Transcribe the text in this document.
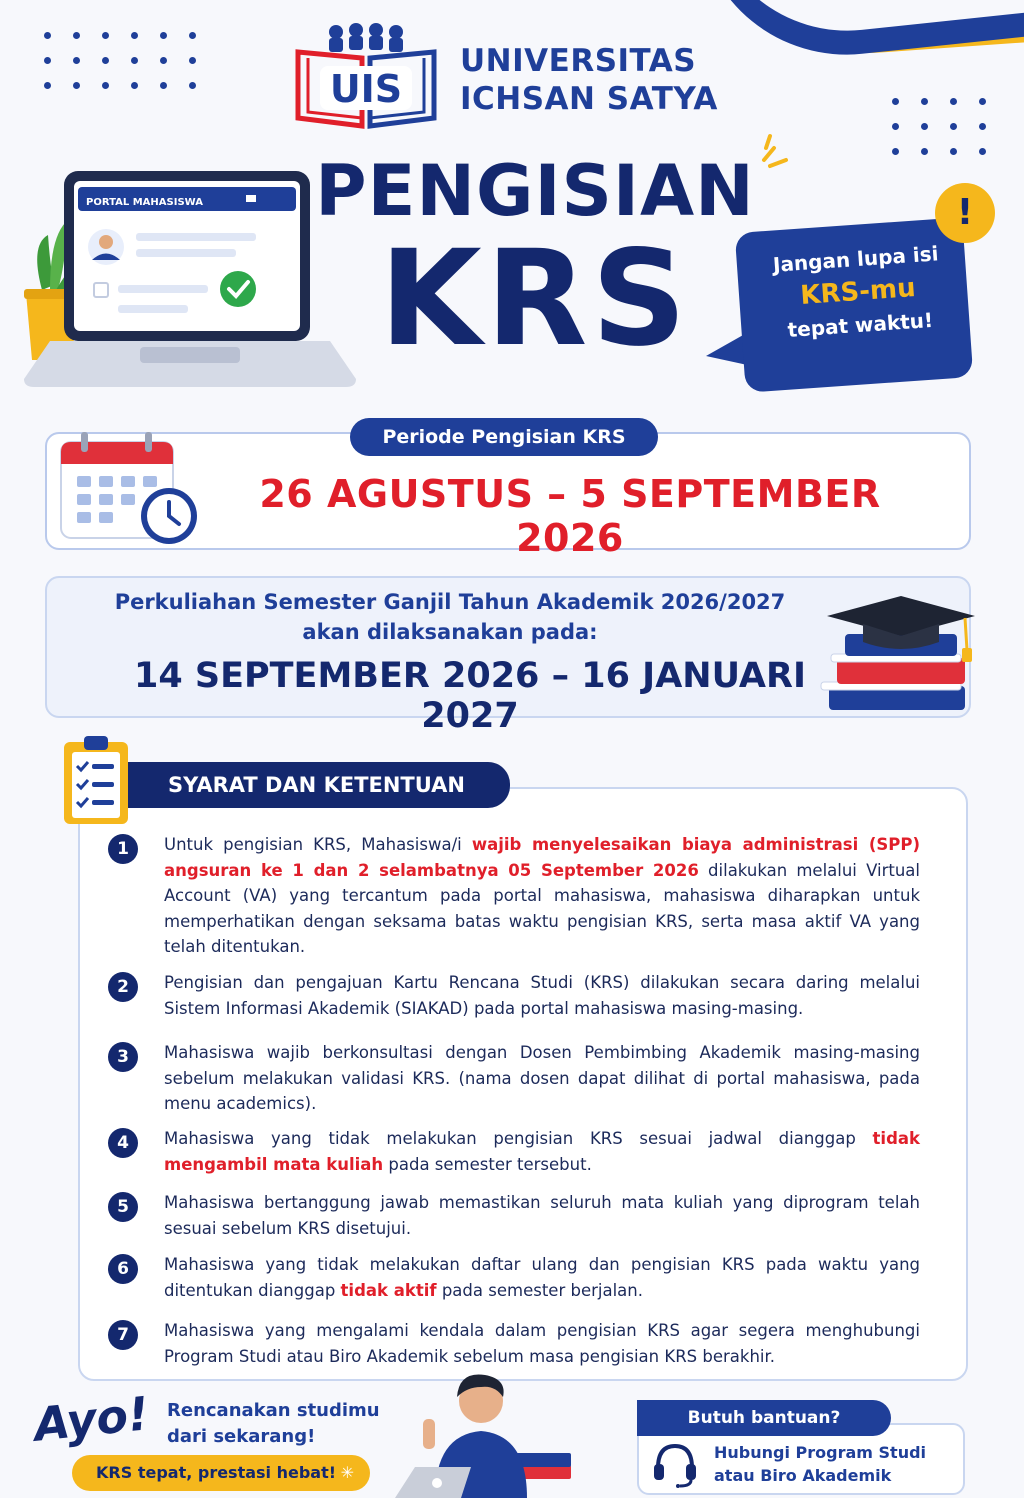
UIS
UNIVERSITAS
ICHSAN SATYA
PORTAL MAHASISWA PENGISIAN
KRS	Jangan lupa isi
KRS-mu
tepat waktu!
!
Periode Pengisian KRS
26 AGUSTUS – 5 SEPTEMBER 2026
Perkuliahan Semester Ganjil Tahun Akademik 2026/2027
akan dilaksanakan pada:
14 SEPTEMBER 2026 – 16 JANUARI 2027
SYARAT DAN KETENTUAN
1	Untuk pengisian KRS, Mahasiswa/i wajib menyelesaikan biaya administrasi (SPP) angsuran ke 1 dan 2 selambatnya 05 September 2026 dilakukan melalui Virtual Account (VA) yang tercantum pada portal mahasiswa, mahasiswa diharapkan untuk memperhatikan dengan seksama batas waktu pengisian KRS, serta masa aktif VA yang telah ditentukan.
2	Pengisian dan pengajuan Kartu Rencana Studi (KRS) dilakukan secara daring melalui Sistem Informasi Akademik (SIAKAD) pada portal mahasiswa masing-masing.
3	Mahasiswa wajib berkonsultasi dengan Dosen Pembimbing Akademik masing-masing sebelum melakukan validasi KRS. (nama dosen dapat dilihat di portal mahasiswa, pada menu academics).
4	Mahasiswa yang tidak melakukan pengisian KRS sesuai jadwal dianggap tidak mengambil mata kuliah pada semester tersebut.
5	Mahasiswa bertanggung jawab memastikan seluruh mata kuliah yang diprogram telah sesuai sebelum KRS disetujui.
6	Mahasiswa yang tidak melakukan daftar ulang dan pengisian KRS pada waktu yang ditentukan dianggap tidak aktif pada semester berjalan.
7	Mahasiswa yang mengalami kendala dalam pengisian KRS agar segera menghubungi Program Studi atau Biro Akademik sebelum masa pengisian KRS berakhir.
Ayo! Rencanakan studimu
dari sekarang!
KRS tepat, prestasi hebat! ✳
Butuh bantuan?
Hubungi Program Studi
atau Biro Akademik
